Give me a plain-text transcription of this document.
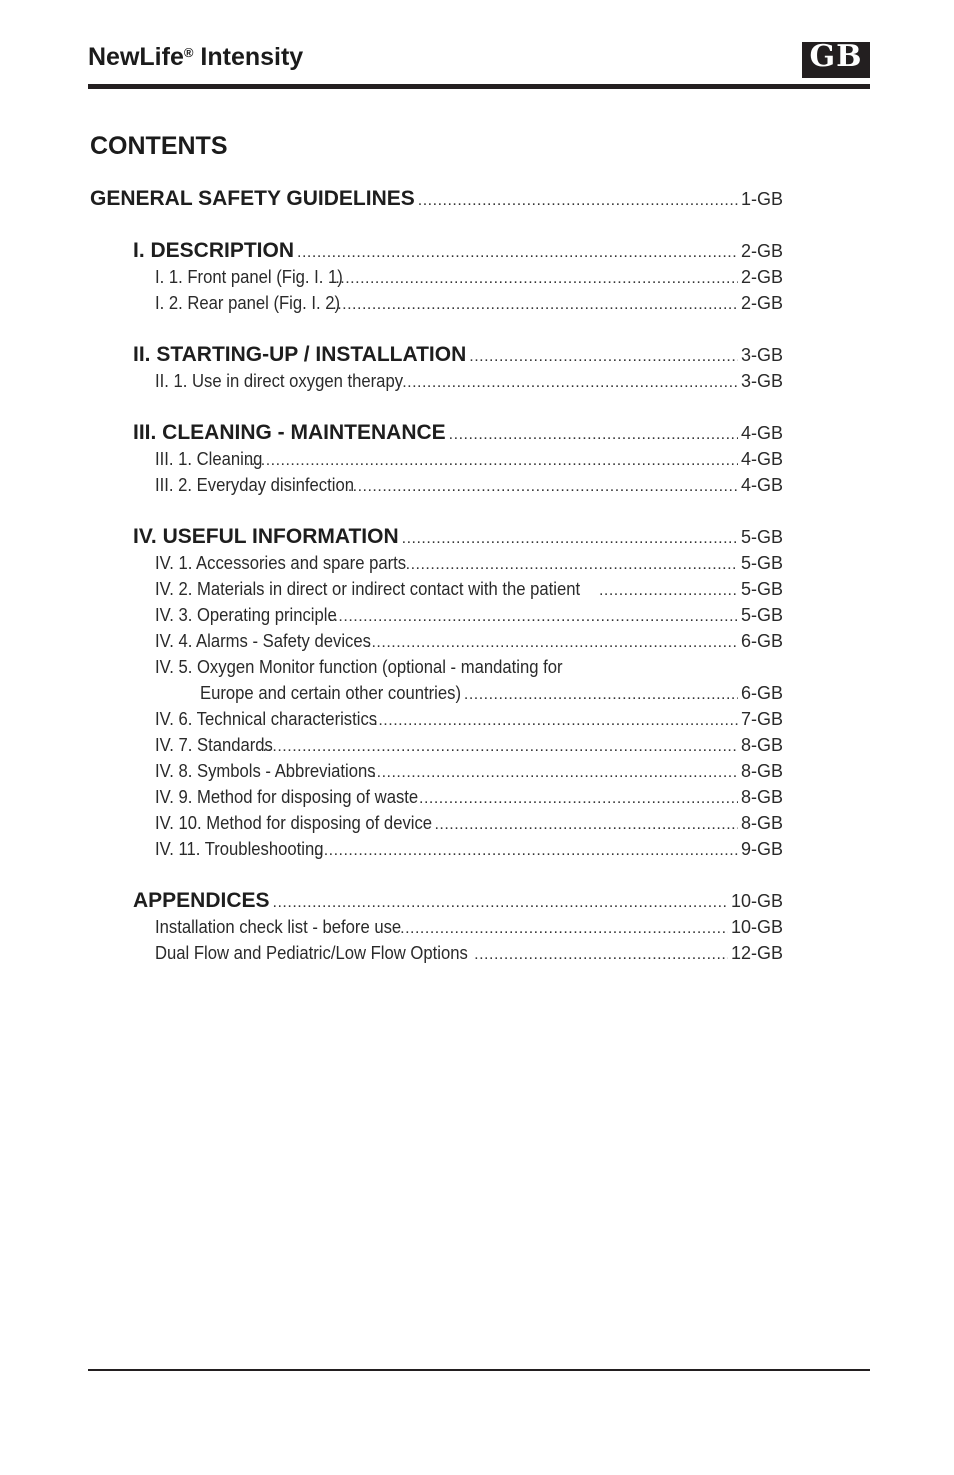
NewLife® Intensity	GB
CONTENTS
GENERAL SAFETY GUIDELINES .....	1-GB
I. DESCRIPTION .....	2-GB
I. 1. Front panel (Fig. I. 1) .....	2-GB
I. 2. Rear panel (Fig. I. 2) .....	2-GB
II. STARTING-UP / INSTALLATION .....	3-GB
II. 1. Use in direct oxygen therapy .....	3-GB
III. CLEANING - MAINTENANCE .....	4-GB
III. 1. Cleaning .....	4-GB
III. 2. Everyday disinfection .....	4-GB
IV. USEFUL INFORMATION .....	5-GB
IV. 1. Accessories and spare parts .....	5-GB
IV. 2. Materials in direct or indirect contact with the patient .....	5-GB
IV. 3. Operating principle .....	5-GB
IV. 4. Alarms - Safety devices .....	6-GB
IV. 5. Oxygen Monitor function (optional - mandating for
Europe and certain other countries) .....	6-GB
IV. 6. Technical characteristics .....	7-GB
IV. 7. Standards .....	8-GB
IV. 8. Symbols - Abbreviations .....	8-GB
IV. 9. Method for disposing of waste .....	8-GB
IV. 10. Method for disposing of device .....	8-GB
IV. 11. Troubleshooting .....	9-GB
APPENDICES .....	10-GB
Installation check list - before use .....	10-GB
Dual Flow and Pediatric/Low Flow Options .....	12-GB
